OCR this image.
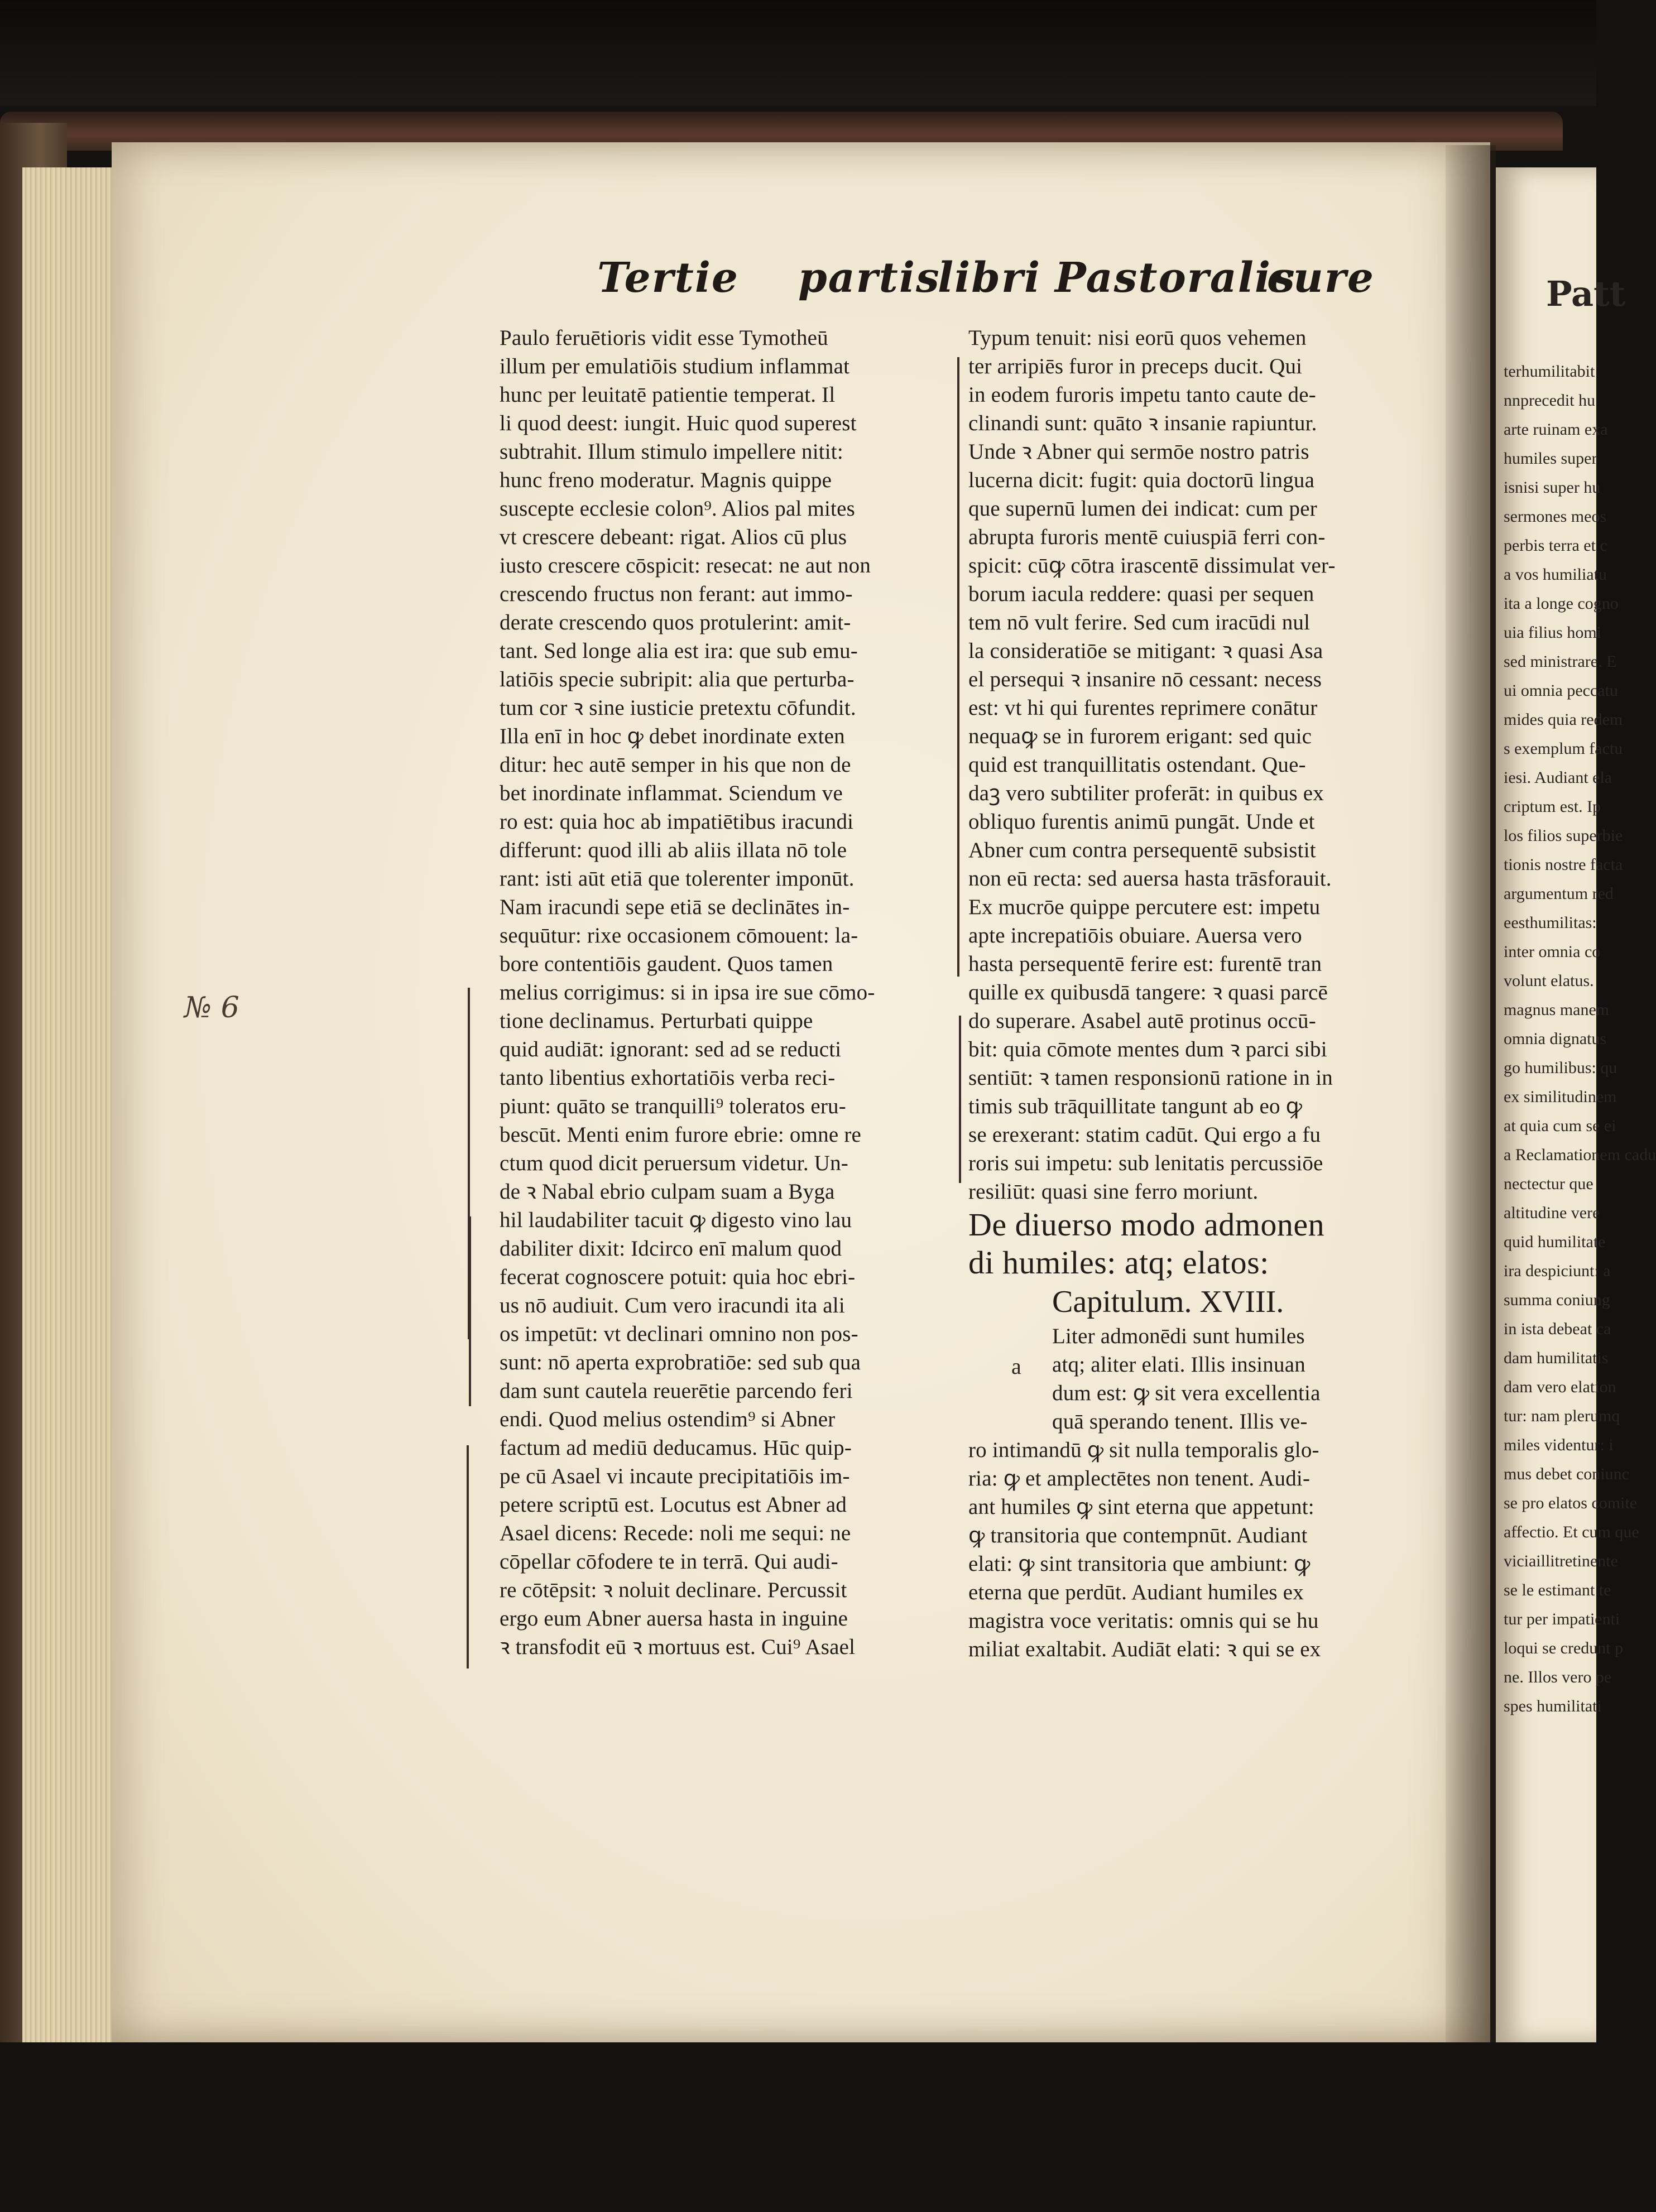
Patt
terhumilitabit
nnprecedit hu
arte ruinam exa
humiles super
isnisi super hu
sermones meos
perbis terra et c
a vos humiliatu
ita a longe cogno
uia filius homi
sed ministrare. E
ui omnia peccatu
mides quia redem
s exemplum factu
iesi. Audiant ela
criptum est. Ip
los filios superbie
tionis nostre facta
argumentum red
eesthumilitas:
inter omnia co
volunt elatus.
magnus manem
omnia dignatus
go humilibus: qu
ex similitudinem
at quia cum se ei
a Reclamationem cadu
nectectur que
altitudine vere
quid humilitate
ira despiciunt: a
summa coniung
in ista debeat ca
dam humilitatis
dam vero elation
tur: nam plerumq
miles videntur: i
mus debet coniunc
se pro elatos comite
affectio. Et cum que
viciaillitretinente
se le estimant te
tur per impatienti
loqui se credunt p
ne. Illos vero pe
spes humilitati
Tertie partis
libri Pastoralis
cure
№ 6
Paulo feruētioris vidit esse Tymotheū
illum per emulatiōis studium inflammat
hunc per leuitatē patientie temperat. Il
li quod deest: iungit. Huic quod superest
subtrahit. Illum stimulo impellere nitit:
hunc freno moderatur. Magnis quippe
suscepte ecclesie colon⁹. Alios pal mites
vt crescere debeant: rigat. Alios cū plus
iusto crescere cōspicit: resecat: ne aut non
crescendo fructus non ferant: aut immo-
derate crescendo quos protulerint: amit-
tant. Sed longe alia est ira: que sub emu-
latiōis specie subripit: alia que perturba-
tum cor ꝛ sine iusticie pretextu cōfundit.
Illa enī in hoc ꝙ debet inordinate exten
ditur: hec autē semper in his que non de
bet inordinate inflammat. Sciendum ve
ro est: quia hoc ab impatiētibus iracundi
differunt: quod illi ab aliis illata nō tole
rant: isti aūt etiā que tolerenter imponūt.
Nam iracundi sepe etiā se declinātes in-
sequūtur: rixe occasionem cōmouent: la-
bore contentiōis gaudent. Quos tamen
melius corrigimus: si in ipsa ire sue cōmo-
tione declinamus. Perturbati quippe
quid audiāt: ignorant: sed ad se reducti
tanto libentius exhortatiōis verba reci-
piunt: quāto se tranquilli⁹ toleratos eru-
bescūt. Menti enim furore ebrie: omne re
ctum quod dicit peruersum videtur. Un-
de ꝛ Nabal ebrio culpam suam a Byga
hil laudabiliter tacuit ꝙ digesto vino lau
dabiliter dixit: Idcirco enī malum quod
fecerat cognoscere potuit: quia hoc ebri-
us nō audiuit. Cum vero iracundi ita ali
os impetūt: vt declinari omnino non pos-
sunt: nō aperta exprobratiōe: sed sub qua
dam sunt cautela reuerētie parcendo feri
endi. Quod melius ostendim⁹ si Abner
factum ad mediū deducamus. Hūc quip-
pe cū Asael vi incaute precipitatiōis im-
petere scriptū est. Locutus est Abner ad
Asael dicens: Recede: noli me sequi: ne
cōpellar cōfodere te in terrā. Qui audi-
re cōtēpsit: ꝛ noluit declinare. Percussit
ergo eum Abner auersa hasta in inguine
ꝛ transfodit eū ꝛ mortuus est. Cui⁹ Asael
Typum tenuit: nisi eorū quos vehemen
ter arripiēs furor in preceps ducit. Qui
in eodem furoris impetu tanto caute de-
clinandi sunt: quāto ꝛ insanie rapiuntur.
Unde ꝛ Abner qui sermōe nostro patris
lucerna dicit: fugit: quia doctorū lingua
que supernū lumen dei indicat: cum per
abrupta furoris mentē cuiuspiā ferri con-
spicit: cūꝙ cōtra irascentē dissimulat ver-
borum iacula reddere: quasi per sequen
tem nō vult ferire. Sed cum iracūdi nul
la consideratiōe se mitigant: ꝛ quasi Asa
el persequi ꝛ insanire nō cessant: necess
est: vt hi qui furentes reprimere conātur
nequaꝙ se in furorem erigant: sed quic
quid est tranquillitatis ostendant. Que-
daꝫ vero subtiliter proferāt: in quibus ex
obliquo furentis animū pungāt. Unde et
Abner cum contra persequentē subsistit
non eū recta: sed auersa hasta trāsforauit.
Ex mucrōe quippe percutere est: impetu
apte increpatiōis obuiare. Auersa vero
hasta persequentē ferire est: furentē tran
quille ex quibusdā tangere: ꝛ quasi parcē
do superare. Asabel autē protinus occū-
bit: quia cōmote mentes dum ꝛ parci sibi
sentiūt: ꝛ tamen responsionū ratione in in
timis sub trāquillitate tangunt ab eo ꝙ
se erexerant: statim cadūt. Qui ergo a fu
roris sui impetu: sub lenitatis percussiōe
resiliūt: quasi sine ferro moriunt.
De diuerso modo admonen
di humiles: atq; elatos:
Capitulum. XVIII.
Liter admonēdi sunt humiles
atq; aliter elati. Illis insinuan
dum est: ꝙ sit vera excellentia
quā sperando tenent. Illis ve-
ro intimandū ꝙ sit nulla temporalis glo-
ria: ꝙ et amplectētes non tenent. Audi-
ant humiles ꝙ sint eterna que appetunt:
ꝙ transitoria que contempnūt. Audiant
elati: ꝙ sint transitoria que ambiunt: ꝙ
eterna que perdūt. Audiant humiles ex
magistra voce veritatis: omnis qui se hu
miliat exaltabit. Audiāt elati: ꝛ qui se ex
a
